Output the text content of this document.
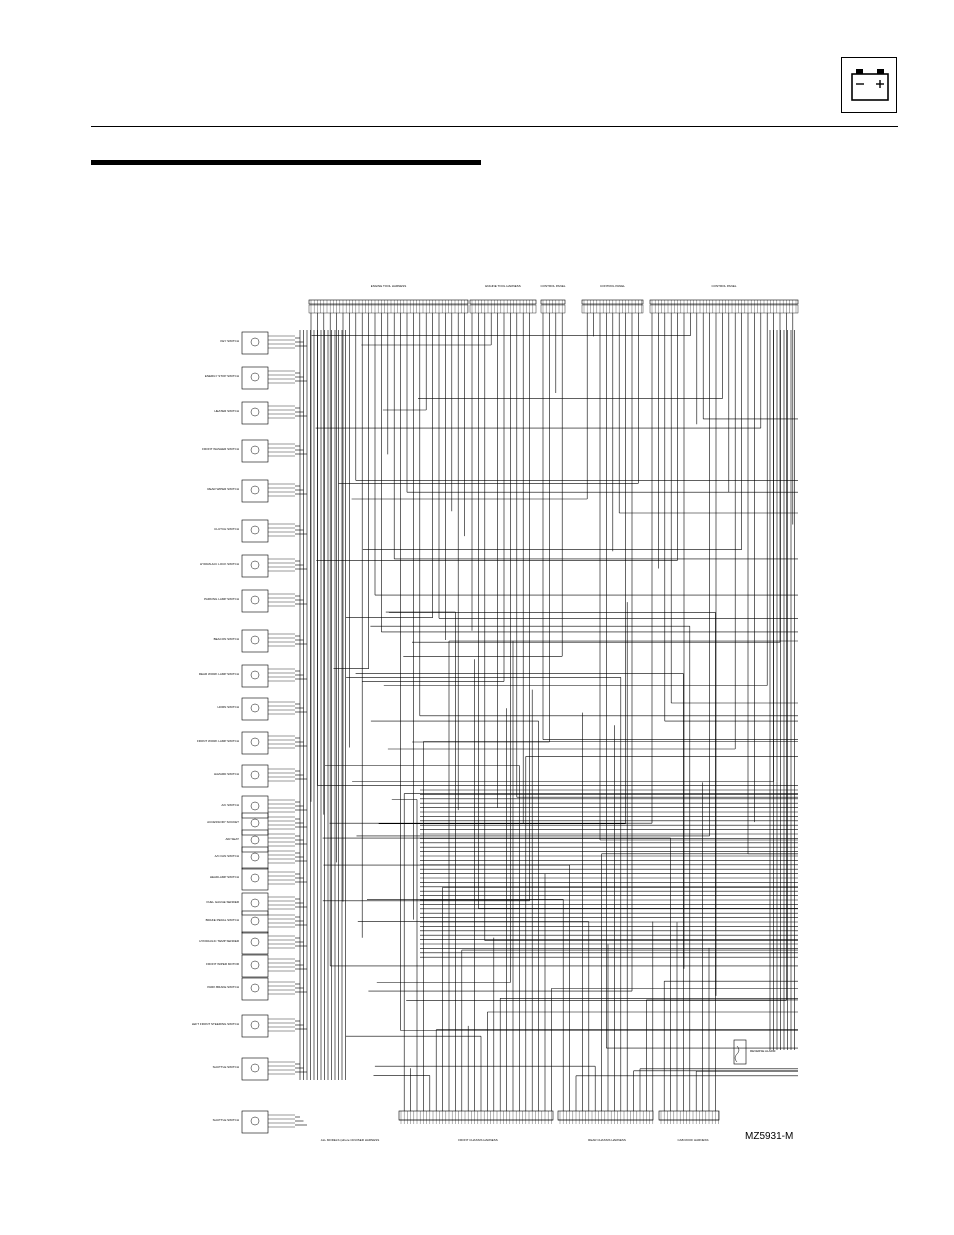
KEY SWITCH
ENERGY STOP SWITCH
HEATER SWITCH
FRONT WASHER SWITCH
REAR WIPER SWITCH
CLUTCH SWITCH
HYDRAULIC LOCK SWITCH
PARKING LAMP SWITCH
BEACON SWITCH
REAR WORK LAMP SWITCH
HORN SWITCH
FRONT WORK LAMP SWITCH
HAZARD SWITCH
A/C SWITCH
ACCESSORY SOCKET
AIR SEAT
A/C FAN SWITCH
HEADLAMP SWITCH
FUEL GAUGE SENDER
BRAKE PEDAL SWITCH
HYDRAULIC TEMP SENDER
FRONT WIPER MOTOR
PARK BRAKE SWITCH
LEFT FRONT STEERING SWITCH
SHUTTLE SWITCH
SHUTTLE SWITCH
REVERSE ALARM
ENGINE TOOL HARNESS	ENGINE TOOL HARNESS	CONTROL PANEL	CONTROL PANEL	CONTROL PANEL
ALL MODELS (where CRUISER HARNESS	FRONT CHASSIS HARNESS	REAR CHASSIS HARNESS	CAB ROOF HARNESS	MZ5931-M
